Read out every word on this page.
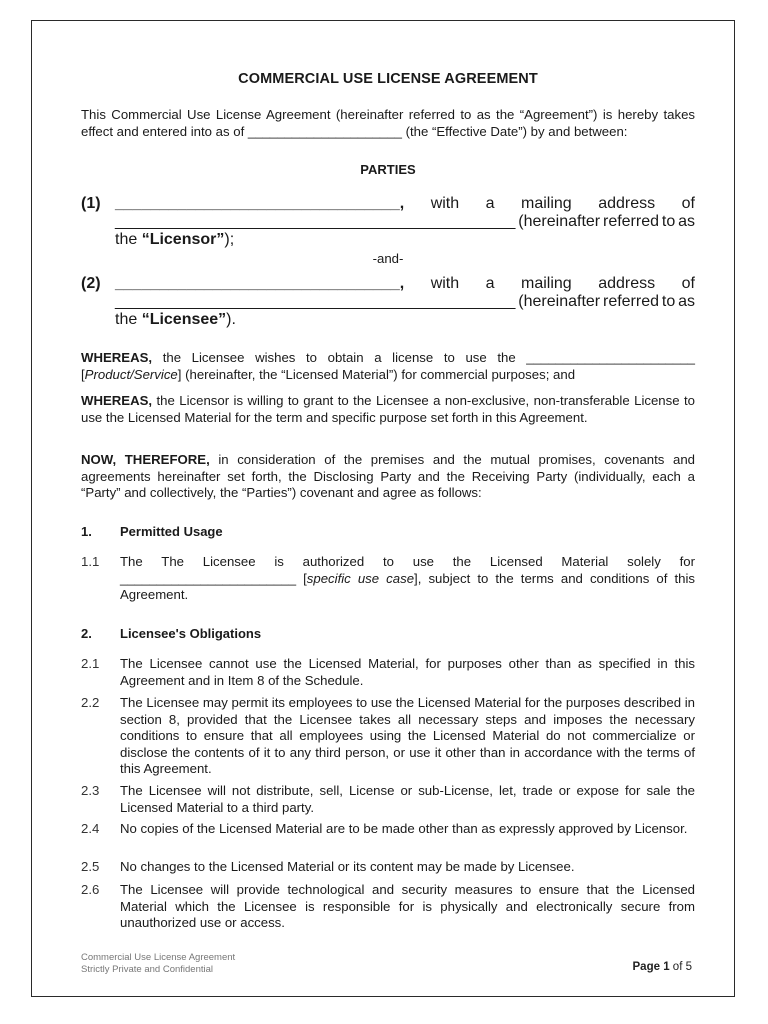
COMMERCIAL USE LICENSE AGREEMENT
This Commercial Use License Agreement (hereinafter referred to as the “Agreement”) is hereby takes effect and entered into as of _____________________ (the “Effective Date”) by and between:
PARTIES
(1) ________________________________, with a mailing address of
_____________________________________________ (hereinafter referred to as
the “Licensor”);
-and-
(2) ________________________________, with a mailing address of
_____________________________________________ (hereinafter referred to as
the “Licensee”).
WHEREAS, the Licensee wishes to obtain a license to use the _______________________ [Product/Service] (hereinafter, the “Licensed Material”) for commercial purposes; and
WHEREAS, the Licensor is willing to grant to the Licensee a non-exclusive, non-transferable License to use the Licensed Material for the term and specific purpose set forth in this Agreement.
NOW, THEREFORE, in consideration of the premises and the mutual promises, covenants and agreements hereinafter set forth, the Disclosing Party and the Receiving Party (individually, each a “Party” and collectively, the “Parties”) covenant and agree as follows:
1. Permitted Usage
1.1 The The Licensee is authorized to use the Licensed Material solely for ________________________ [specific use case], subject to the terms and conditions of this Agreement.
2. Licensee's Obligations
2.1 The Licensee cannot use the Licensed Material, for purposes other than as specified in this Agreement and in Item 8 of the Schedule.
2.2 The Licensee may permit its employees to use the Licensed Material for the purposes described in section 8, provided that the Licensee takes all necessary steps and imposes the necessary conditions to ensure that all employees using the Licensed Material do not commercialize or disclose the contents of it to any third person, or use it other than in accordance with the terms of this Agreement.
2.3 The Licensee will not distribute, sell, License or sub-License, let, trade or expose for sale the Licensed Material to a third party.
2.4 No copies of the Licensed Material are to be made other than as expressly approved by Licensor.
2.5 No changes to the Licensed Material or its content may be made by Licensee.
2.6 The Licensee will provide technological and security measures to ensure that the Licensed Material which the Licensee is responsible for is physically and electronically secure from unauthorized use or access.
Commercial Use License Agreement
Strictly Private and Confidential	Page 1 of 5
